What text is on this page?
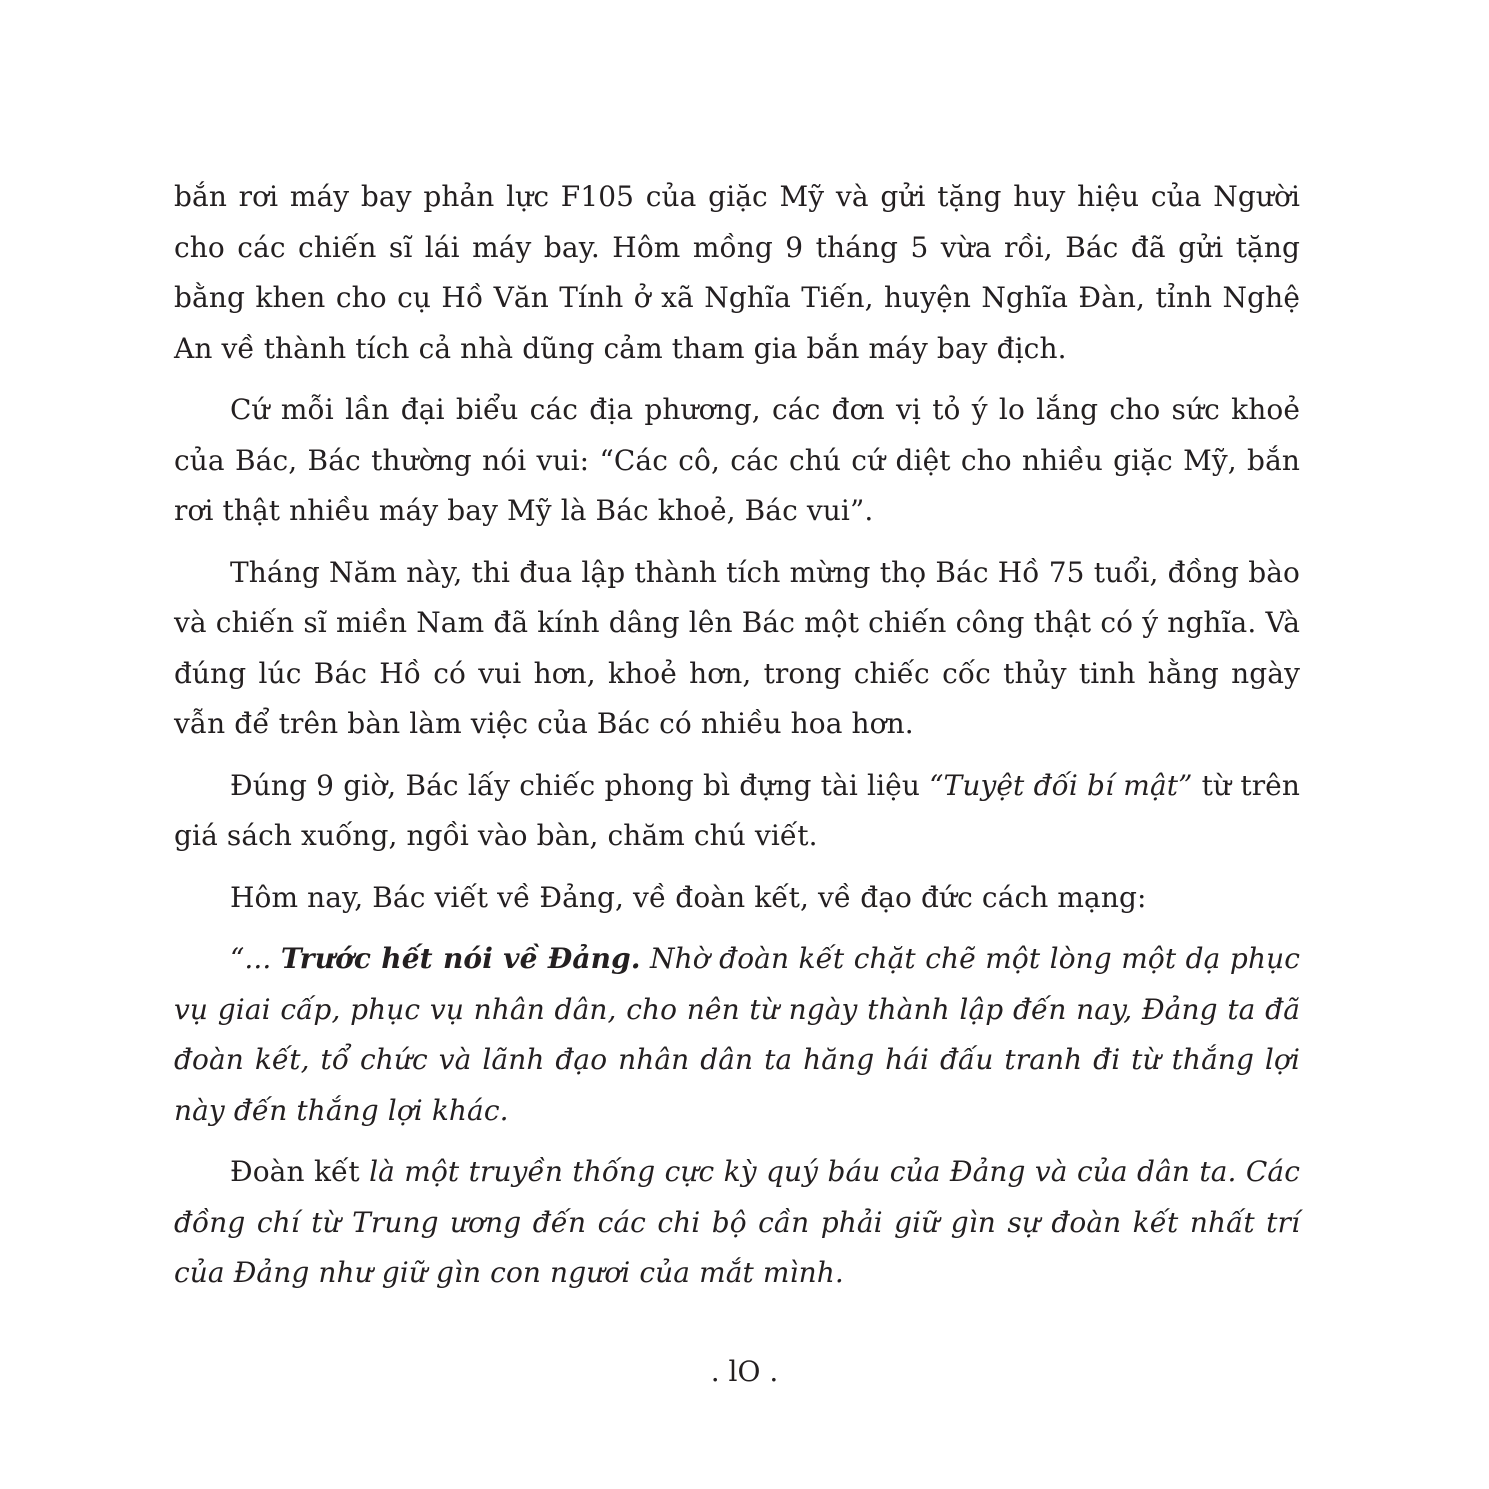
bắn rơi máy bay phản lực F105 của giặc Mỹ và gửi tặng huy hiệu của Người cho các chiến sĩ lái máy bay. Hôm mồng 9 tháng 5 vừa rồi, Bác đã gửi tặng bằng khen cho cụ Hồ Văn Tính ở xã Nghĩa Tiến, huyện Nghĩa Đàn, tỉnh Nghệ An về thành tích cả nhà dũng cảm tham gia bắn máy bay địch.

Cứ mỗi lần đại biểu các địa phương, các đơn vị tỏ ý lo lắng cho sức khoẻ của Bác, Bác thường nói vui: “Các cô, các chú cứ diệt cho nhiều giặc Mỹ, bắn rơi thật nhiều máy bay Mỹ là Bác khoẻ, Bác vui”.

Tháng Năm này, thi đua lập thành tích mừng thọ Bác Hồ 75 tuổi, đồng bào và chiến sĩ miền Nam đã kính dâng lên Bác một chiến công thật có ý nghĩa. Và đúng lúc Bác Hồ có vui hơn, khoẻ hơn, trong chiếc cốc thủy tinh hằng ngày vẫn để trên bàn làm việc của Bác có nhiều hoa hơn.

Đúng 9 giờ, Bác lấy chiếc phong bì đựng tài liệu “Tuyệt đối bí mật” từ trên giá sách xuống, ngồi vào bàn, chăm chú viết.

Hôm nay, Bác viết về Đảng, về đoàn kết, về đạo đức cách mạng:

“... Trước hết nói về Đảng. Nhờ đoàn kết chặt chẽ một lòng một dạ phục vụ giai cấp, phục vụ nhân dân, cho nên từ ngày thành lập đến nay, Đảng ta đã đoàn kết, tổ chức và lãnh đạo nhân dân ta hăng hái đấu tranh đi từ thắng lợi này đến thắng lợi khác.

Đoàn kết là một truyền thống cực kỳ quý báu của Đảng và của dân ta. Các đồng chí từ Trung ương đến các chi bộ cần phải giữ gìn sự đoàn kết nhất trí của Đảng như giữ gìn con ngươi của mắt mình.

. lO .
